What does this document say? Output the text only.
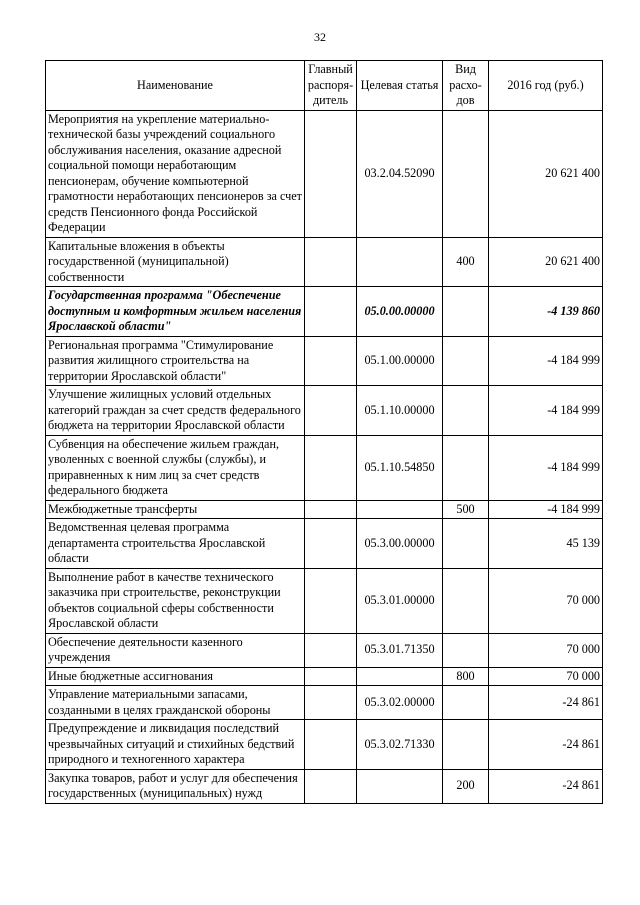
32
Наименование	Главный распоря-дитель	Целевая статья	Вид расхо-дов	2016 год (руб.)
Мероприятия на укрепление материально-технической базы учреждений социального обслуживания населения, оказание адресной социальной помощи неработающим пенсионерам, обучение компьютерной грамотности неработающих пенсионеров за счет средств Пенсионного фонда Российской Федерации		03.2.04.52090		20 621 400
Капитальные вложения в объекты государственной (муниципальной) собственности			400	20 621 400
Государственная программа "Обеспечение доступным и комфортным жильем населения Ярославской области"		05.0.00.00000		-4 139 860
Региональная программа "Стимулирование развития жилищного строительства на территории Ярославской области"		05.1.00.00000		-4 184 999
Улучшение жилищных условий отдельных категорий граждан за счет средств федерального бюджета на территории Ярославской области		05.1.10.00000		-4 184 999
Субвенция на обеспечение жильем граждан, уволенных с военной службы (службы), и приравненных к ним лиц за счет средств федерального бюджета		05.1.10.54850		-4 184 999
Межбюджетные трансферты			500	-4 184 999
Ведомственная целевая программа департамента строительства Ярославской области		05.3.00.00000		45 139
Выполнение работ в качестве технического заказчика при строительстве, реконструкции объектов социальной сферы собственности Ярославской области		05.3.01.00000		70 000
Обеспечение деятельности казенного учреждения		05.3.01.71350		70 000
Иные бюджетные ассигнования			800	70 000
Управление материальными запасами, созданными в целях гражданской обороны		05.3.02.00000		-24 861
Предупреждение и ликвидация последствий чрезвычайных ситуаций и стихийных бедствий природного и техногенного характера		05.3.02.71330		-24 861
Закупка товаров, работ и услуг для обеспечения государственных (муниципальных) нужд			200	-24 861
